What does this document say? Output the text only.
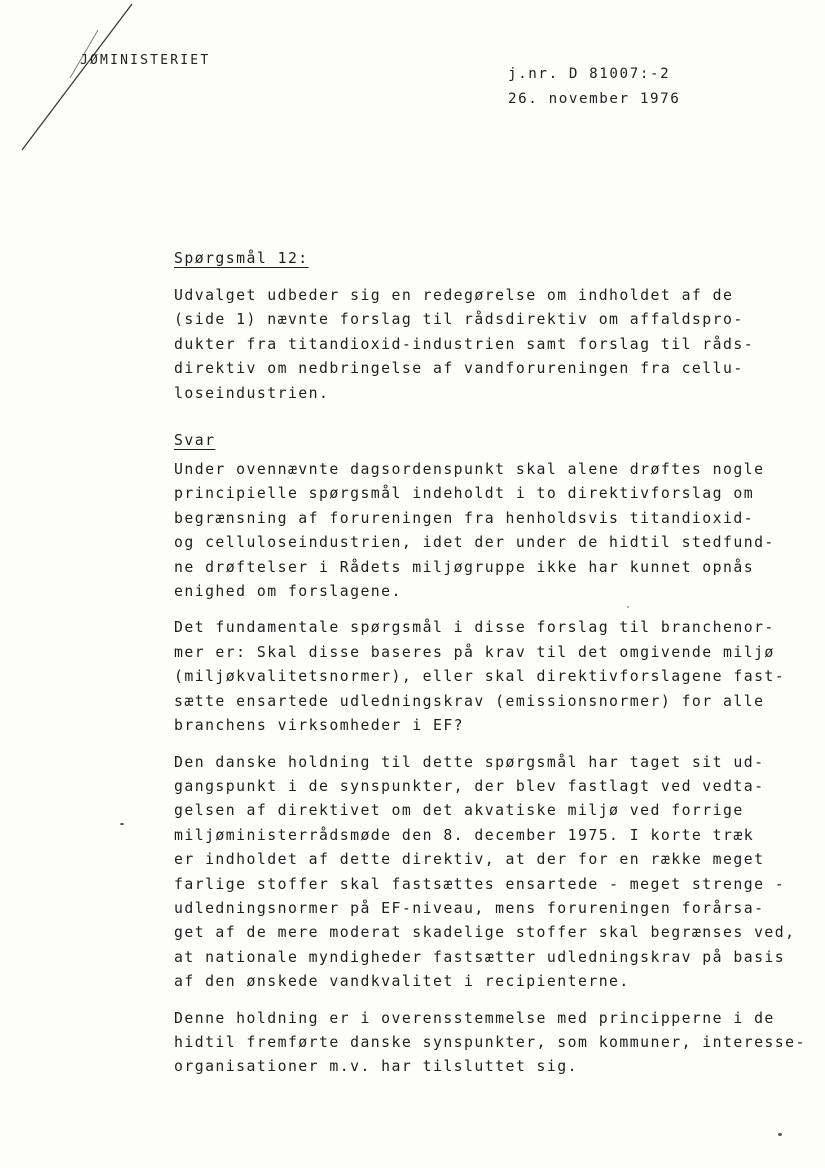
JØMINISTERIET
j.nr. D 81007:-2
26. november 1976
Spørgsmål 12:
Udvalget udbeder sig en redegørelse om indholdet af de
(side 1) nævnte forslag til rådsdirektiv om affaldspro-
dukter fra titandioxid-industrien samt forslag til råds-
direktiv om nedbringelse af vandforureningen fra cellu-
loseindustrien.
Svar
Under ovennævnte dagsordenspunkt skal alene drøftes nogle
principielle spørgsmål indeholdt i to direktivforslag om
begrænsning af forureningen fra henholdsvis titandioxid-
og celluloseindustrien, idet der under de hidtil stedfund-
ne drøftelser i Rådets miljøgruppe ikke har kunnet opnås
enighed om forslagene.
Det fundamentale spørgsmål i disse forslag til branchenor-
mer er: Skal disse baseres på krav til det omgivende miljø
(miljøkvalitetsnormer), eller skal direktivforslagene fast-
sætte ensartede udledningskrav (emissionsnormer) for alle
branchens virksomheder i EF?
Den danske holdning til dette spørgsmål har taget sit ud-
gangspunkt i de synspunkter, der blev fastlagt ved vedta-
gelsen af direktivet om det akvatiske miljø ved forrige
miljøministerrådsmøde den 8. december 1975. I korte træk
er indholdet af dette direktiv, at der for en række meget
farlige stoffer skal fastsættes ensartede - meget strenge -
udledningsnormer på EF-niveau, mens forureningen forårsa-
get af de mere moderat skadelige stoffer skal begrænses ved,
at nationale myndigheder fastsætter udledningskrav på basis
af den ønskede vandkvalitet i recipienterne.
Denne holdning er i overensstemmelse med principperne i de
hidtil fremførte danske synspunkter, som kommuner, interesse-
organisationer m.v. har tilsluttet sig.
